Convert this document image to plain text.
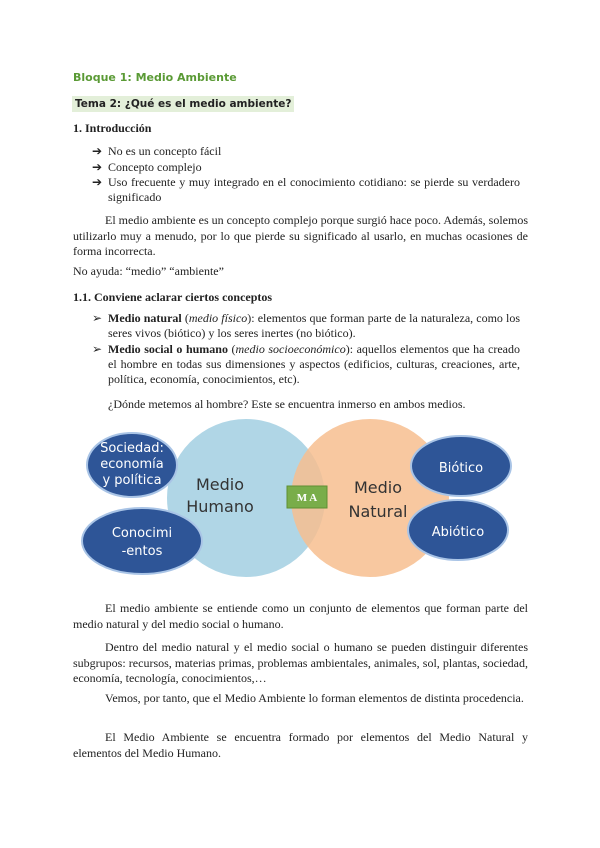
Bloque 1: Medio Ambiente
Tema 2: ¿Qué es el medio ambiente?
1. Introducción
➔ No es un concepto fácil
➔ Concepto complejo
➔ Uso frecuente y muy integrado en el conocimiento cotidiano: se pierde su verdadero significado
El medio ambiente es un concepto complejo porque surgió hace poco. Además, solemos utilizarlo muy a menudo, por lo que pierde su significado al usarlo, en muchas ocasiones de forma incorrecta.
No ayuda: “medio” “ambiente”
1.1. Conviene aclarar ciertos conceptos
➢ Medio natural (medio físico): elementos que forman parte de la naturaleza, como los seres vivos (biótico) y los seres inertes (no biótico).
➢ Medio social o humano (medio socioeconómico): aquellos elementos que ha creado el hombre en todas sus dimensiones y aspectos (edificios, culturas, creaciones, arte, política, economía, conocimientos, etc).
¿Dónde metemos al hombre? Este se encuentra inmerso en ambos medios.
Medio
Humano
Medio
Natural
M A
Sociedad:
economía
y política
Conocimi
-entos
Biótico
Abiótico
El medio ambiente se entiende como un conjunto de elementos que forman parte del medio natural y del medio social o humano.
Dentro del medio natural y el medio social o humano se pueden distinguir diferentes subgrupos: recursos, materias primas, problemas ambientales, animales, sol, plantas, sociedad, economía, tecnología, conocimientos,…
Vemos, por tanto, que el Medio Ambiente lo forman elementos de distinta procedencia.
El Medio Ambiente se encuentra formado por elementos del Medio Natural y elementos del Medio Humano.
